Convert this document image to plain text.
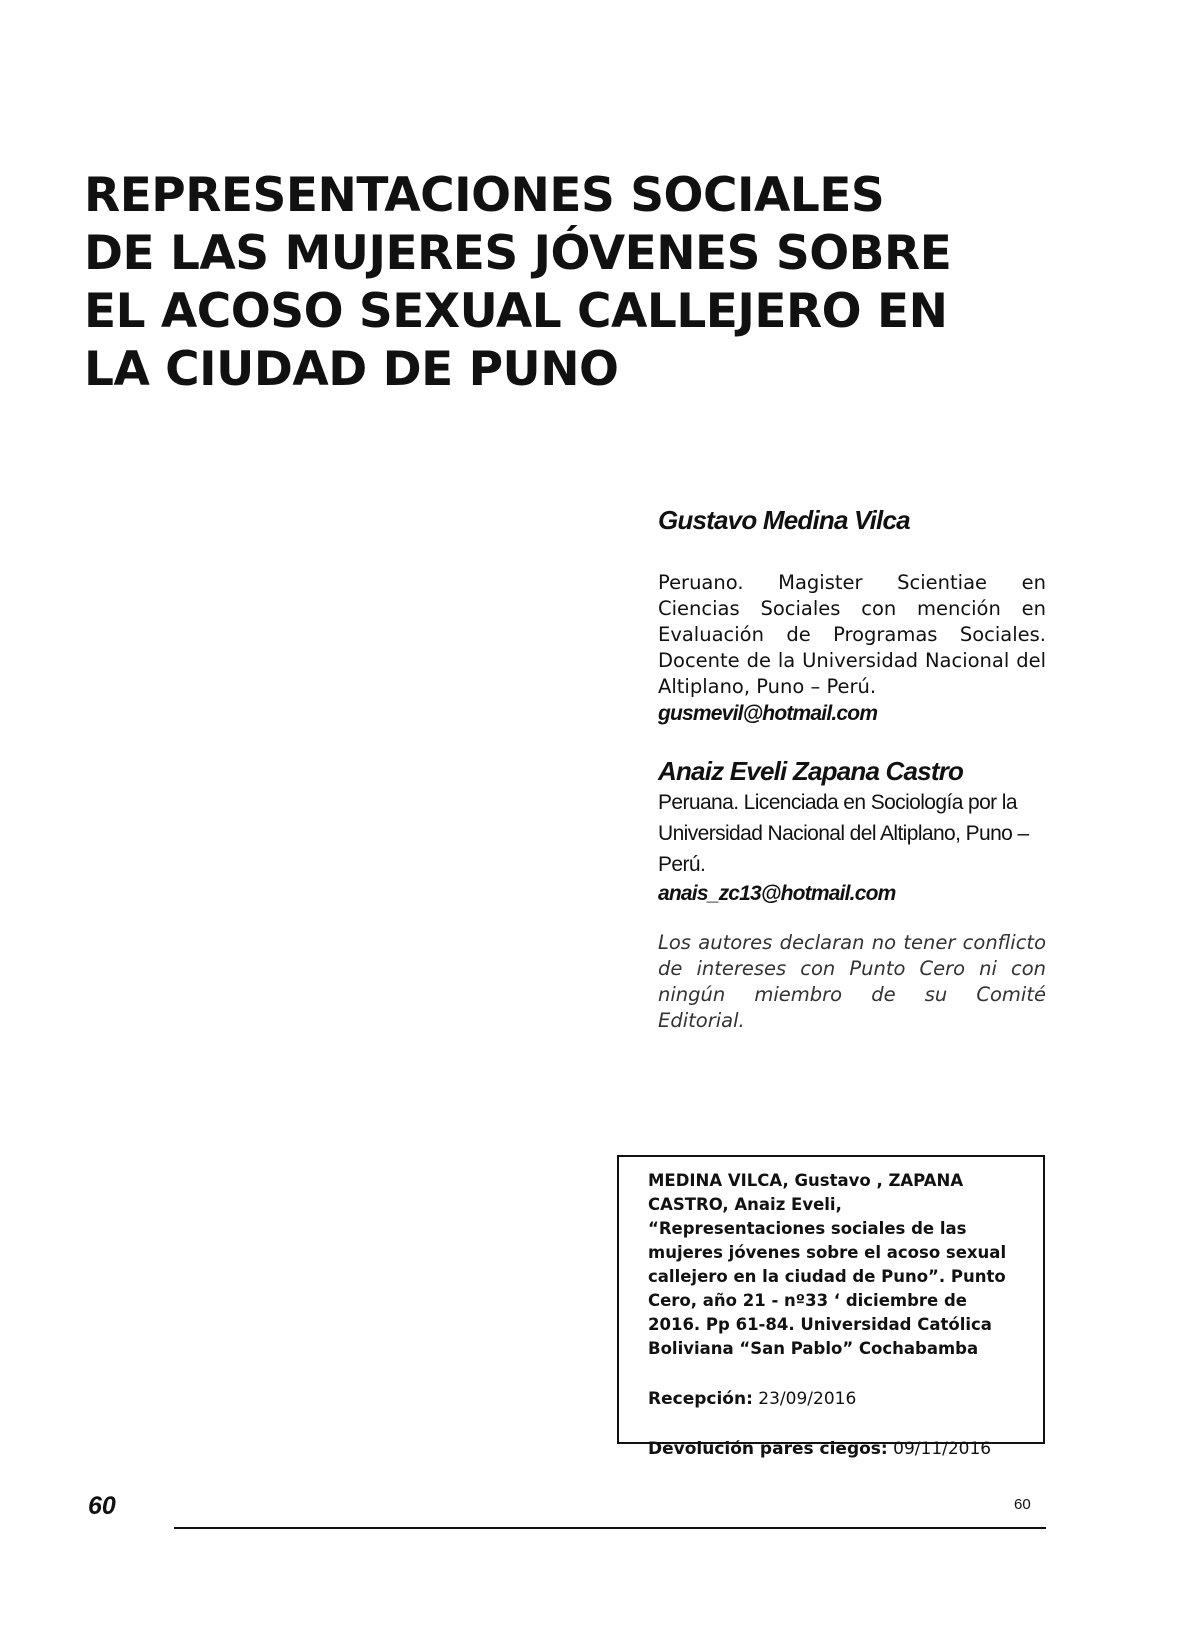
REPRESENTACIONES SOCIALES DE LAS MUJERES JÓVENES SOBRE EL ACOSO SEXUAL CALLEJERO EN LA CIUDAD DE PUNO
Gustavo Medina Vilca
Peruano. Magister Scientiae en Ciencias Sociales con mención en Evaluación de Programas Sociales. Docente de la Universidad Nacional del Altiplano, Puno – Perú.
gusmevil@hotmail.com
Anaiz Eveli Zapana Castro
Peruana. Licenciada en Sociología por la Universidad Nacional del Altiplano, Puno – Perú.
anais_zc13@hotmail.com
Los autores declaran no tener conflicto de intereses con Punto Cero ni con ningún miembro de su Comité Editorial.
MEDINA VILCA, Gustavo , ZAPANA CASTRO, Anaiz Eveli, “Representaciones sociales de las mujeres jóvenes sobre el acoso sexual callejero en la ciudad de Puno”. Punto Cero, año 21 - nº33 ‘ diciembre de 2016. Pp 61-84. Universidad Católica Boliviana “San Pablo” Cochabamba
Recepción: 23/09/2016
Devolución pares ciegos: 09/11/2016
60	60
